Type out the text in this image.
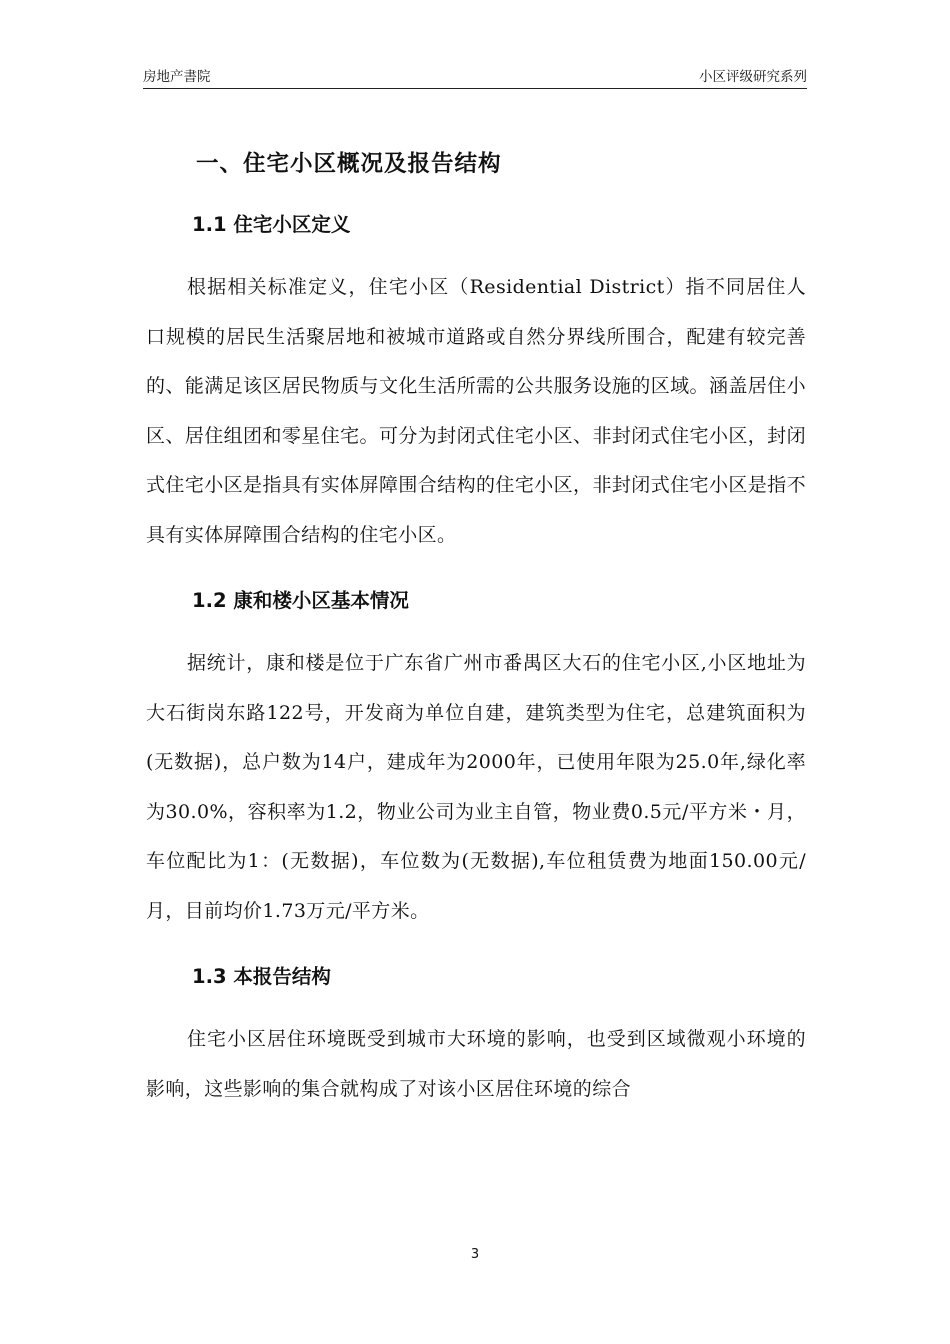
房地产書院	小区评级研究系列
一、住宅小区概况及报告结构
1.1 住宅小区定义

根据相关标准定义，住宅小区（Residential District）指不同居住人口规模的居民生活聚居地和被城市道路或自然分界线所围合，配建有较完善的、能满足该区居民物质与文化生活所需的公共服务设施的区域。涵盖居住小区、居住组团和零星住宅。可分为封闭式住宅小区、非封闭式住宅小区，封闭式住宅小区是指具有实体屏障围合结构的住宅小区，非封闭式住宅小区是指不具有实体屏障围合结构的住宅小区。

1.2 康和楼小区基本情况

据统计，康和楼是位于广东省广州市番禺区大石的住宅小区,小区地址为大石街岗东路122号，开发商为单位自建，建筑类型为住宅，总建筑面积为(无数据)，总户数为14户，建成年为2000年，已使用年限为25.0年,绿化率为30.0%，容积率为1.2，物业公司为业主自管，物业费0.5元/平方米・月，车位配比为1：(无数据)，车位数为(无数据),车位租赁费为地面150.00元/月，目前均价1.73万元/平方米。

1.3 本报告结构

住宅小区居住环境既受到城市大环境的影响，也受到区域微观小环境的影响，这些影响的集合就构成了对该小区居住环境的综合

3
